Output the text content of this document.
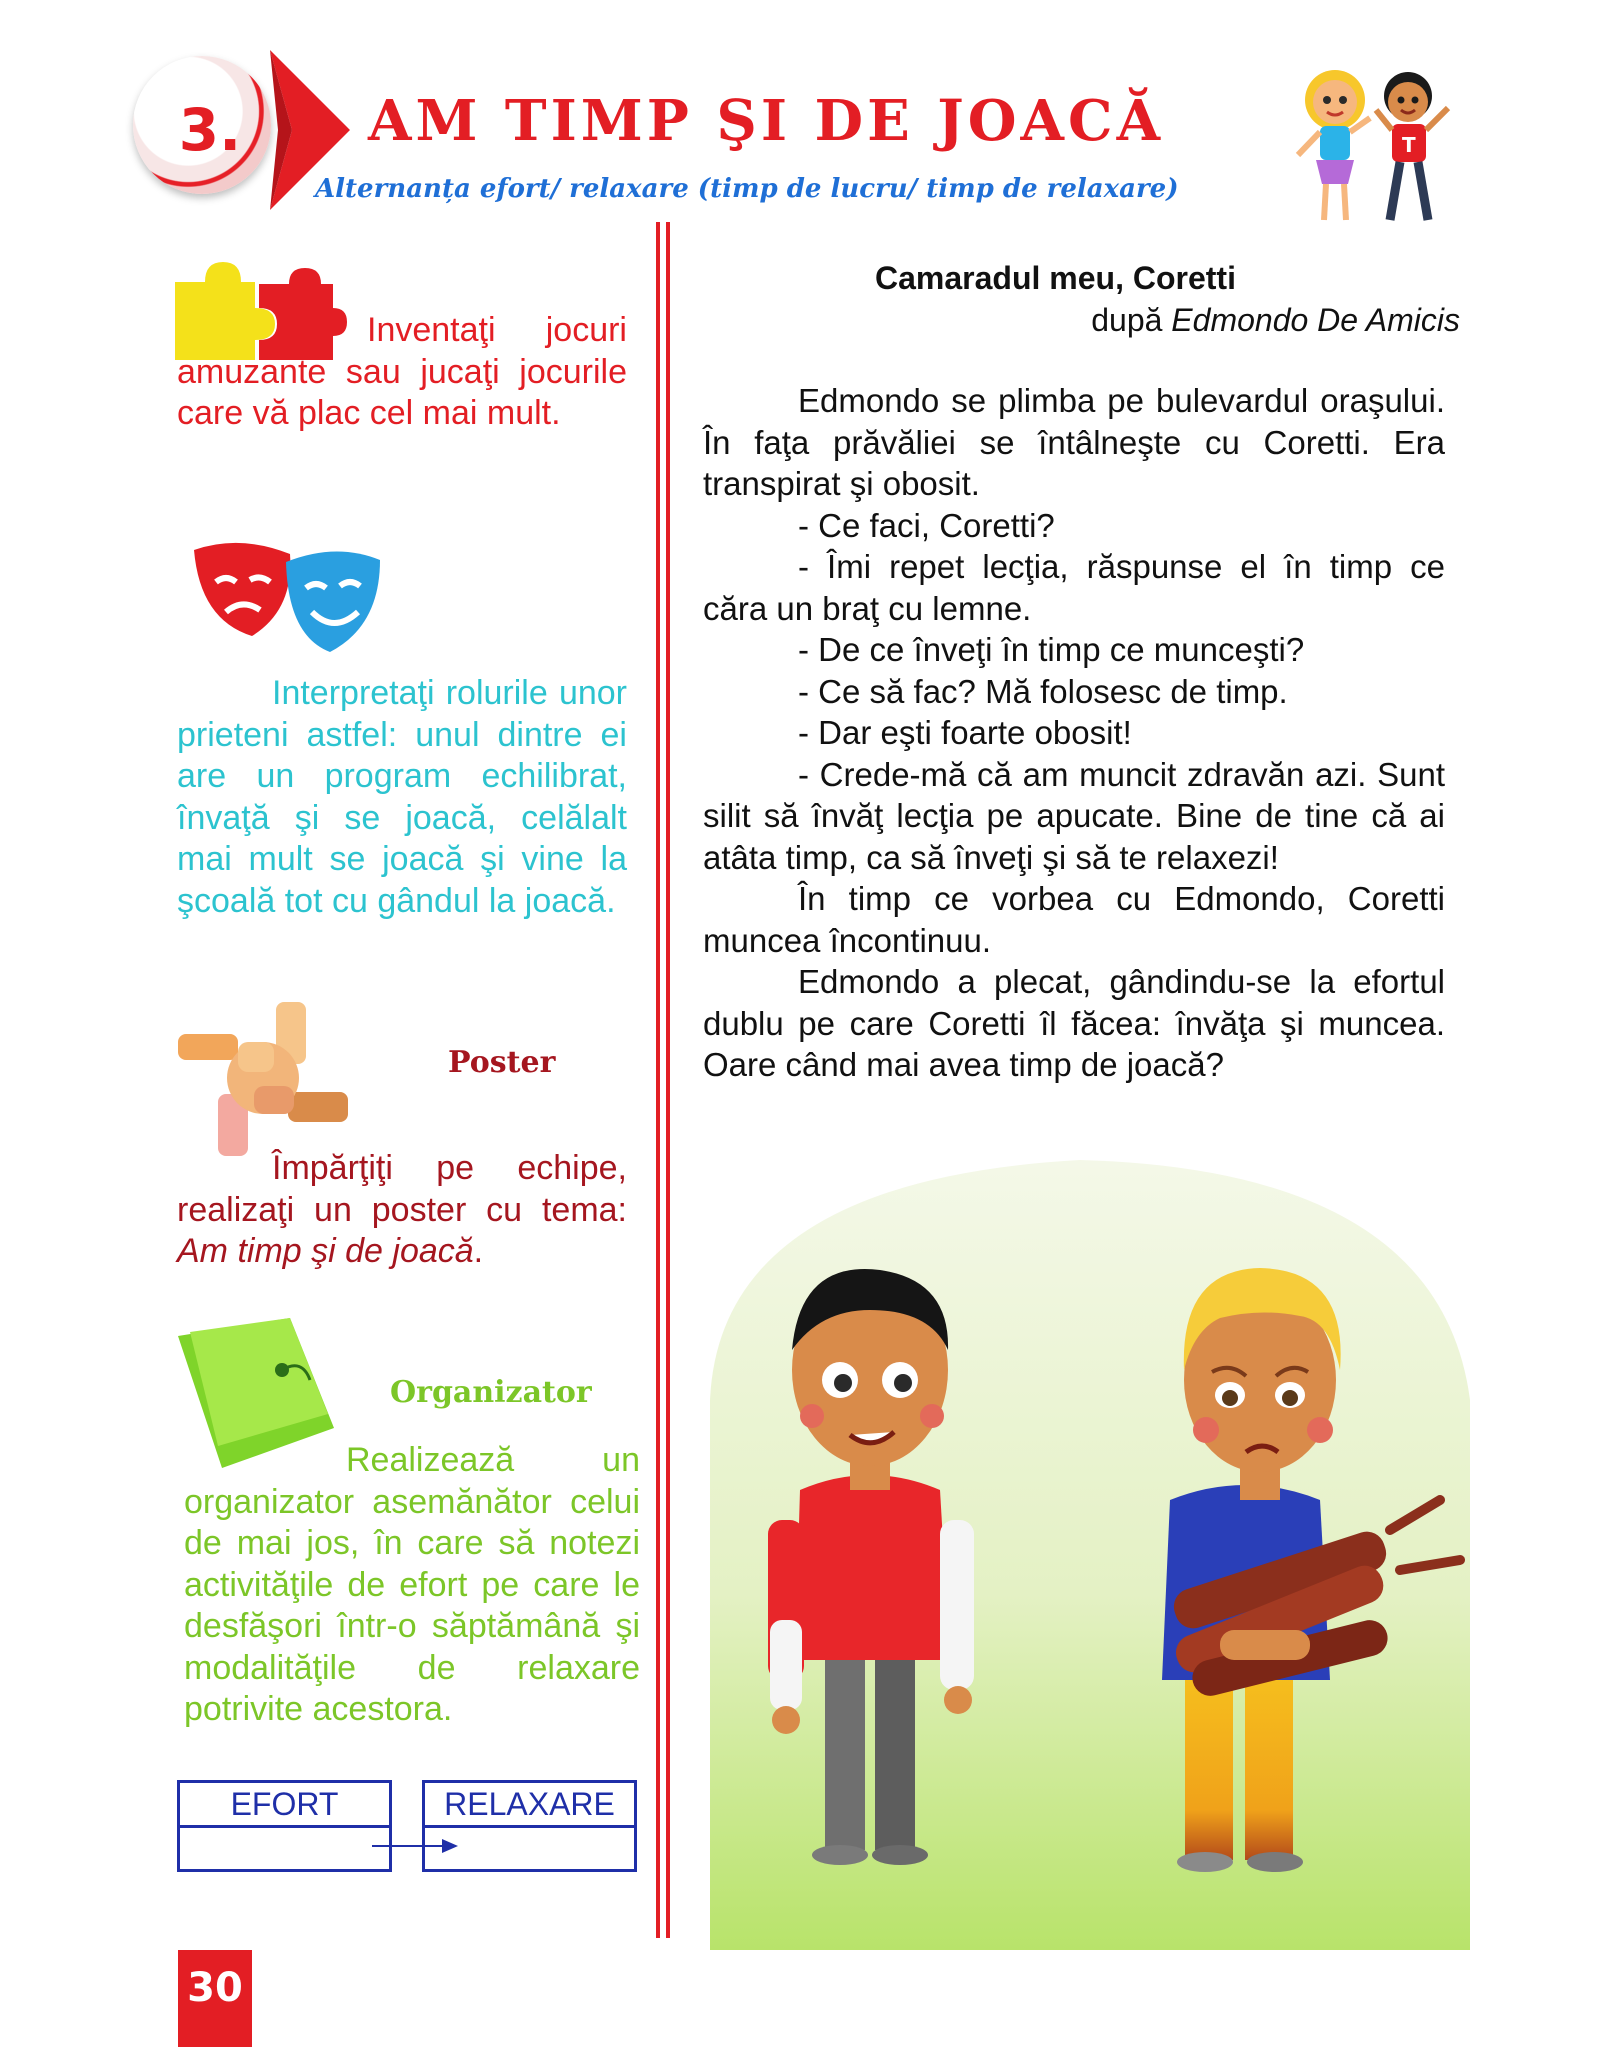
3. AM TIMP ŞI DE JOACĂ
Alternanța efort/ relaxare (timp de lucru/ timp de relaxare)
T
Inventaţi jocuri amuzante sau jucaţi jocurile care vă plac cel mai mult.
Interpretaţi rolurile unor prieteni astfel: unul dintre ei are un program echilibrat, învaţă şi se joacă, celălalt mai mult se joacă şi vine la şcoală tot cu gândul la joacă.
Poster
Împărţiţi pe echipe, realizaţi un poster cu tema: Am timp şi de joacă.
Organizator
Realizează un organizator asemănător celui de mai jos, în care să notezi activităţile de efort pe care le desfăşori într-o săptămână şi modalităţile de relaxare potrivite acestora.
EFORT	RELAXARE
Camaradul meu, Coretti
după Edmondo De Amicis

Edmondo se plimba pe bulevardul oraşului. În faţa prăvăliei se întâlneşte cu Coretti. Era transpirat şi obosit.

- Ce faci, Coretti?

- Îmi repet lecţia, răspunse el în timp ce căra un braţ cu lemne.

- De ce înveţi în timp ce munceşti?

- Ce să fac? Mă folosesc de timp.

- Dar eşti foarte obosit!

- Crede-mă că am muncit zdravăn azi. Sunt silit să învăţ lecţia pe apucate. Bine de tine că ai atâta timp, ca să înveţi şi să te relaxezi!

În timp ce vorbea cu Edmondo, Coretti muncea încontinuu.

Edmondo a plecat, gândindu-se la efortul dublu pe care Coretti îl făcea: învăţa şi muncea. Oare când mai avea timp de joacă?

30
